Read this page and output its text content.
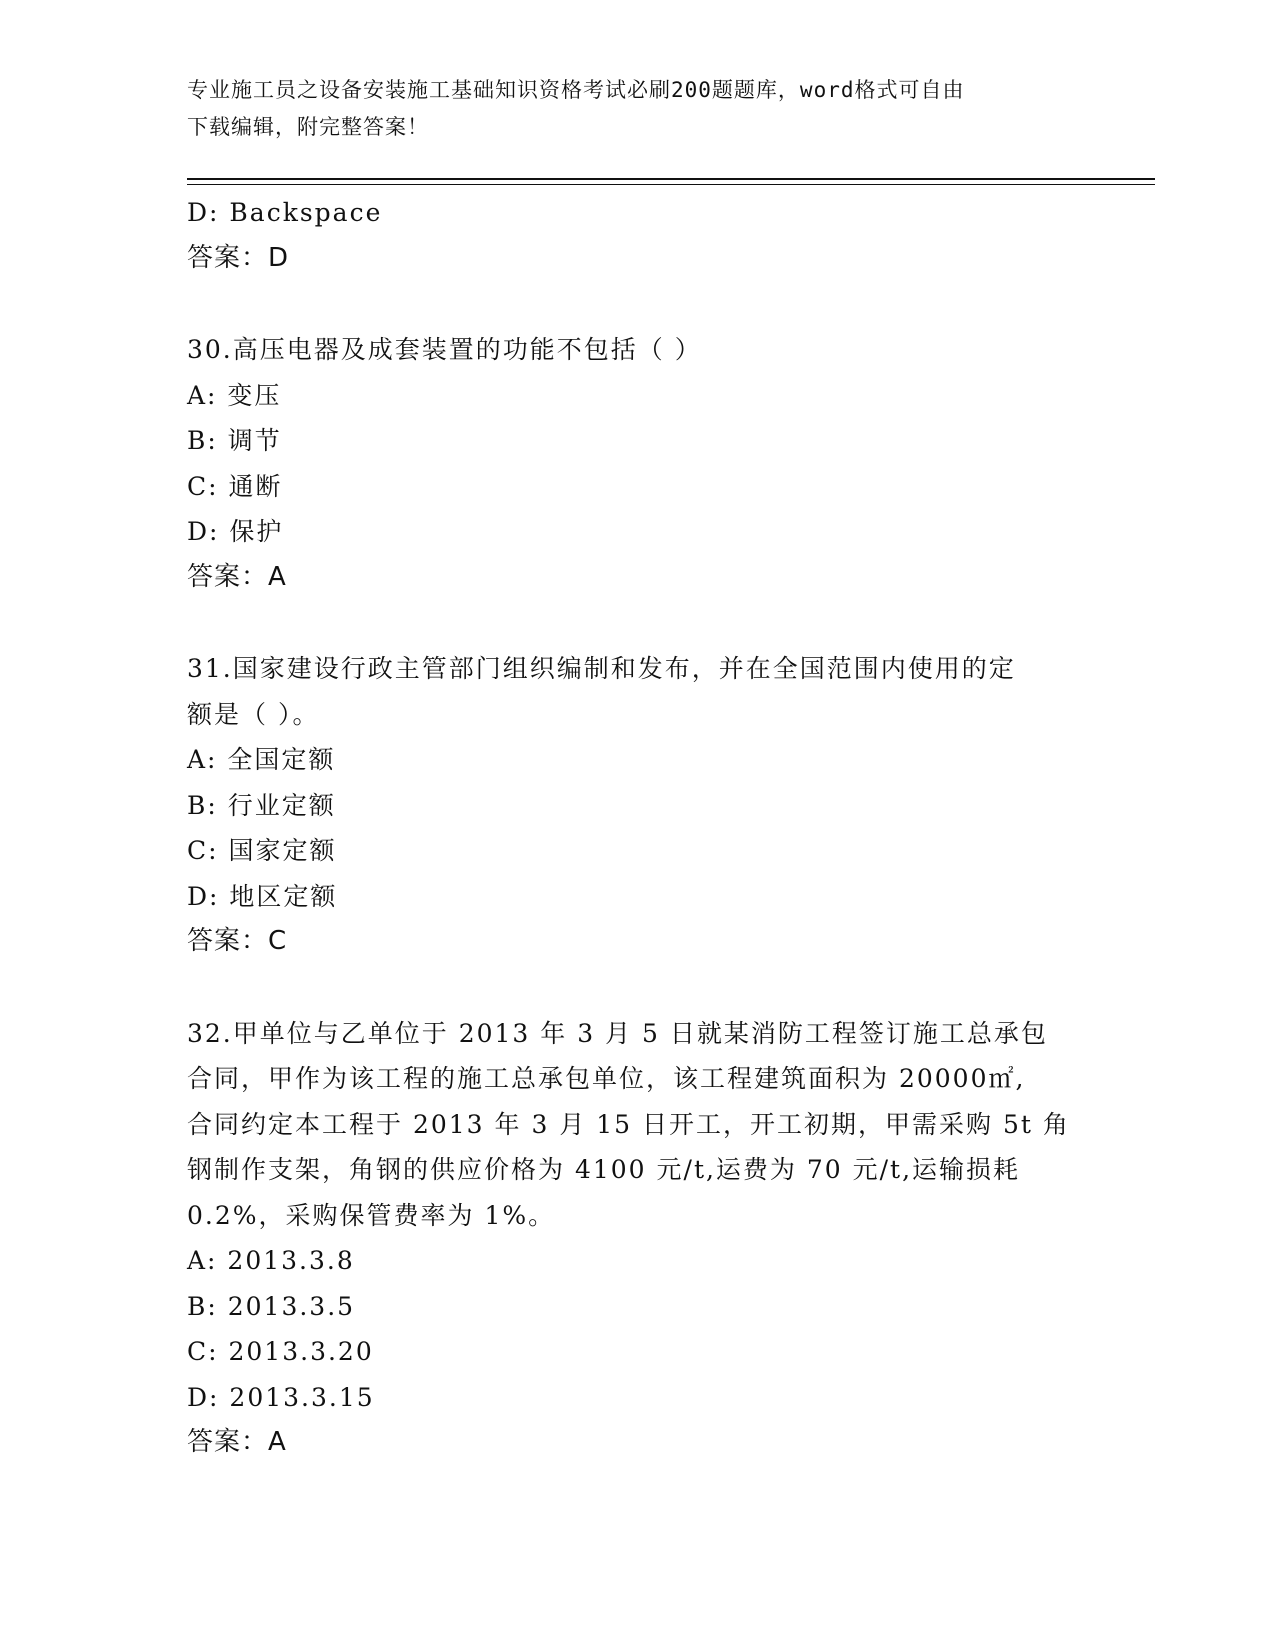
专业施工员之设备安装施工基础知识资格考试必刷200题题库，word格式可自由
下载编辑，附完整答案！
D: Backspace
答案：D
30.高压电器及成套装置的功能不包括（ ）
A: 变压
B: 调节
C: 通断
D: 保护
答案：A
31.国家建设行政主管部门组织编制和发布，并在全国范围内使用的定
额是（ ）。
A: 全国定额
B: 行业定额
C: 国家定额
D: 地区定额
答案：C
32.甲单位与乙单位于 2013 年 3 月 5 日就某消防工程签订施工总承包
合同，甲作为该工程的施工总承包单位，该工程建筑面积为 20000㎡,
合同约定本工程于 2013 年 3 月 15 日开工，开工初期，甲需采购 5t 角
钢制作支架，角钢的供应价格为 4100 元/t,运费为 70 元/t,运输损耗
0.2%，采购保管费率为 1%。
A: 2013.3.8
B: 2013.3.5
C: 2013.3.20
D: 2013.3.15
答案：A
